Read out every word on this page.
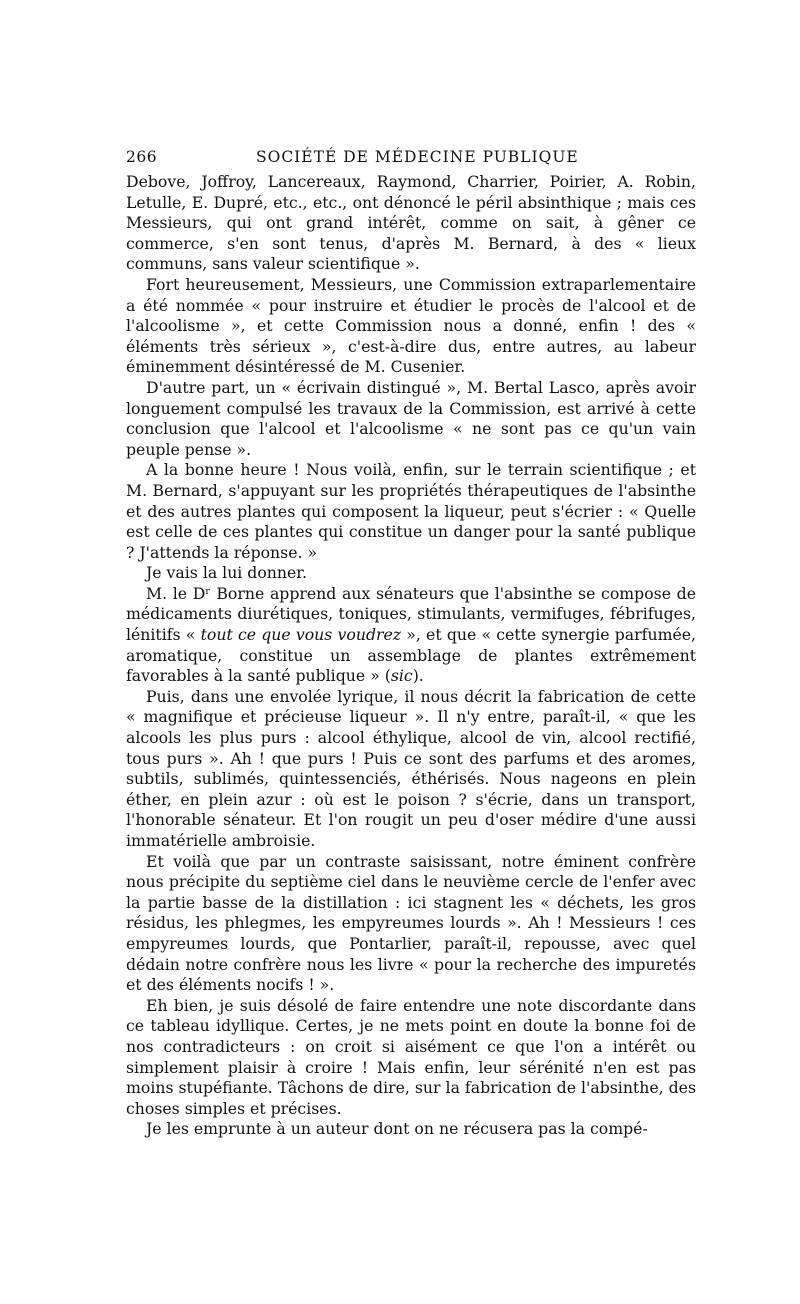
266	SOCIÉTÉ DE MÉDECINE PUBLIQUE

Debove, Joffroy, Lancereaux, Raymond, Charrier, Poirier, A. Robin, Letulle, E. Dupré, etc., etc., ont dénoncé le péril absinthique ; mais ces Messieurs, qui ont grand intérêt, comme on sait, à gêner ce commerce, s'en sont tenus, d'après M. Bernard, à des « lieux communs, sans valeur scientifique ».

Fort heureusement, Messieurs, une Commission extraparlementaire a été nommée « pour instruire et étudier le procès de l'alcool et de l'alcoolisme », et cette Commission nous a donné, enfin ! des « éléments très sérieux », c'est-à-dire dus, entre autres, au labeur éminemment désintéressé de M. Cusenier.

D'autre part, un « écrivain distingué », M. Bertal Lasco, après avoir longuement compulsé les travaux de la Commission, est arrivé à cette conclusion que l'alcool et l'alcoolisme « ne sont pas ce qu'un vain peuple pense ».

A la bonne heure ! Nous voilà, enfin, sur le terrain scientifique ; et M. Bernard, s'appuyant sur les propriétés thérapeutiques de l'absinthe et des autres plantes qui composent la liqueur, peut s'écrier : « Quelle est celle de ces plantes qui constitue un danger pour la santé publique ? J'attends la réponse. »

Je vais la lui donner.

M. le Dʳ Borne apprend aux sénateurs que l'absinthe se compose de médicaments diurétiques, toniques, stimulants, vermifuges, fébrifuges, lénitifs « tout ce que vous voudrez », et que « cette synergie parfumée, aromatique, constitue un assemblage de plantes extrêmement favorables à la santé publique » (sic).

Puis, dans une envolée lyrique, il nous décrit la fabrication de cette « magnifique et précieuse liqueur ». Il n'y entre, paraît-il, « que les alcools les plus purs : alcool éthylique, alcool de vin, alcool rectifié, tous purs ». Ah ! que purs ! Puis ce sont des parfums et des aromes, subtils, sublimés, quintessenciés, éthérisés. Nous nageons en plein éther, en plein azur : où est le poison ? s'écrie, dans un transport, l'honorable sénateur. Et l'on rougit un peu d'oser médire d'une aussi immatérielle ambroisie.

Et voilà que par un contraste saisissant, notre éminent confrère nous précipite du septième ciel dans le neuvième cercle de l'enfer avec la partie basse de la distillation : ici stagnent les « déchets, les gros résidus, les phlegmes, les empyreumes lourds ». Ah ! Messieurs ! ces empyreumes lourds, que Pontarlier, paraît-il, repousse, avec quel dédain notre confrère nous les livre « pour la recherche des impuretés et des éléments nocifs ! ».

Eh bien, je suis désolé de faire entendre une note discordante dans ce tableau idyllique. Certes, je ne mets point en doute la bonne foi de nos contradicteurs : on croit si aisément ce que l'on a intérêt ou simplement plaisir à croire ! Mais enfin, leur sérénité n'en est pas moins stupéfiante. Tâchons de dire, sur la fabrication de l'absinthe, des choses simples et précises.

Je les emprunte à un auteur dont on ne récusera pas la compé-
